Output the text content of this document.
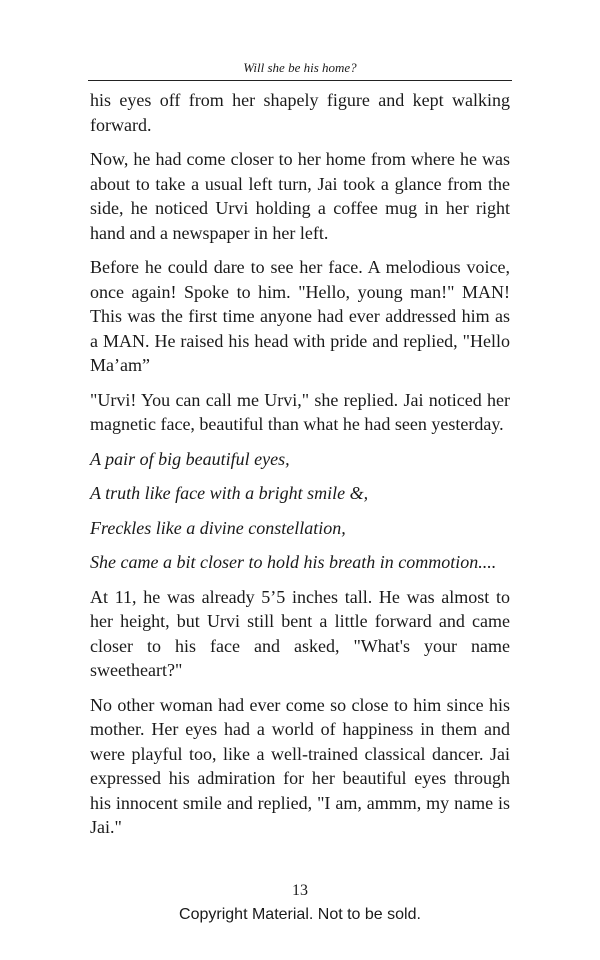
Will she be his home?

his eyes off from her shapely figure and kept walking forward.

Now, he had come closer to her home from where he was about to take a usual left turn, Jai took a glance from the side, he noticed Urvi holding a coffee mug in her right hand and a newspaper in her left.

Before he could dare to see her face. A melodious voice, once again! Spoke to him. "Hello, young man!" MAN! This was the first time anyone had ever addressed him as a MAN. He raised his head with pride and replied, "Hello Ma’am”

"Urvi! You can call me Urvi," she replied. Jai noticed her magnetic face, beautiful than what he had seen yesterday.

A pair of big beautiful eyes,

A truth like face with a bright smile &,

Freckles like a divine constellation,

She came a bit closer to hold his breath in commotion....

At 11, he was already 5’5 inches tall. He was almost to her height, but Urvi still bent a little forward and came closer to his face and asked, "What's your name sweetheart?"

No other woman had ever come so close to him since his mother. Her eyes had a world of happiness in them and were playful too, like a well-trained classical dancer. Jai expressed his admiration for her beautiful eyes through his innocent smile and replied, "I am, ammm, my name is Jai."

13
Copyright Material. Not to be sold.
